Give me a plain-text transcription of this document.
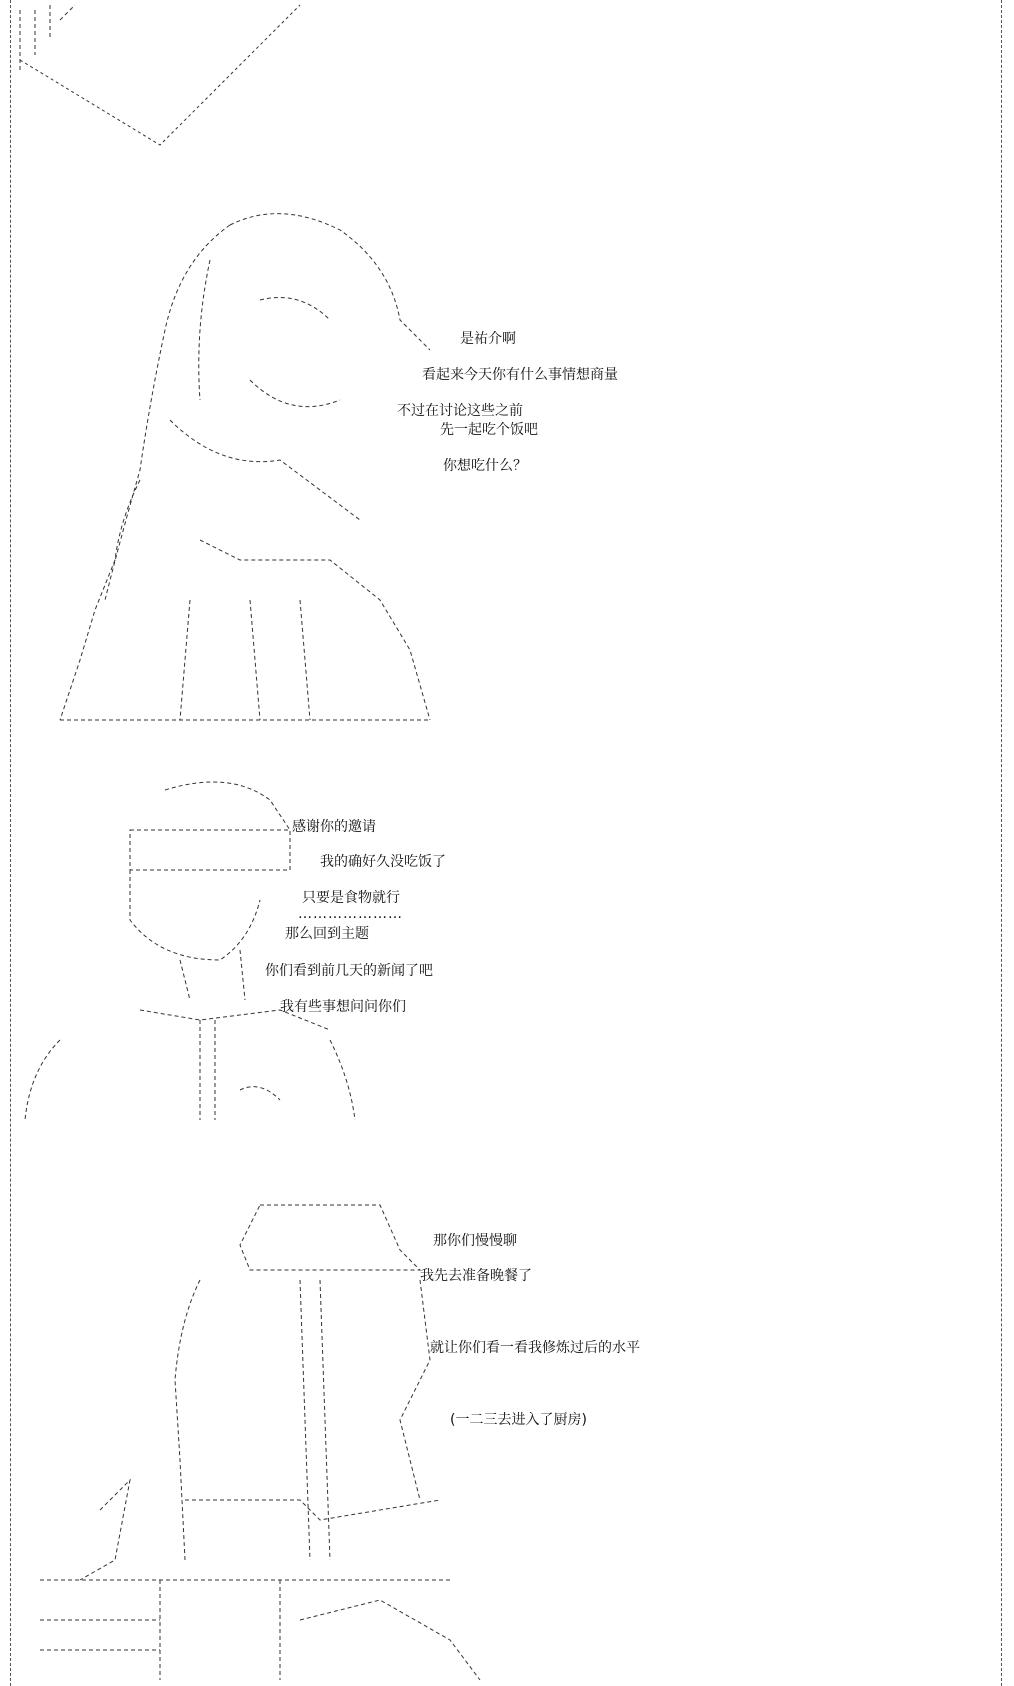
是祐介啊
看起来今天你有什么事情想商量
不过在讨论这些之前
先一起吃个饭吧
你想吃什么？
感谢你的邀请
我的确好久没吃饭了
只要是食物就行
…………………
那么回到主题
你们看到前几天的新闻了吧
我有些事想问问你们
那你们慢慢聊
我先去准备晚餐了
就让你们看一看我修炼过后的水平
(一二三去进入了厨房)
